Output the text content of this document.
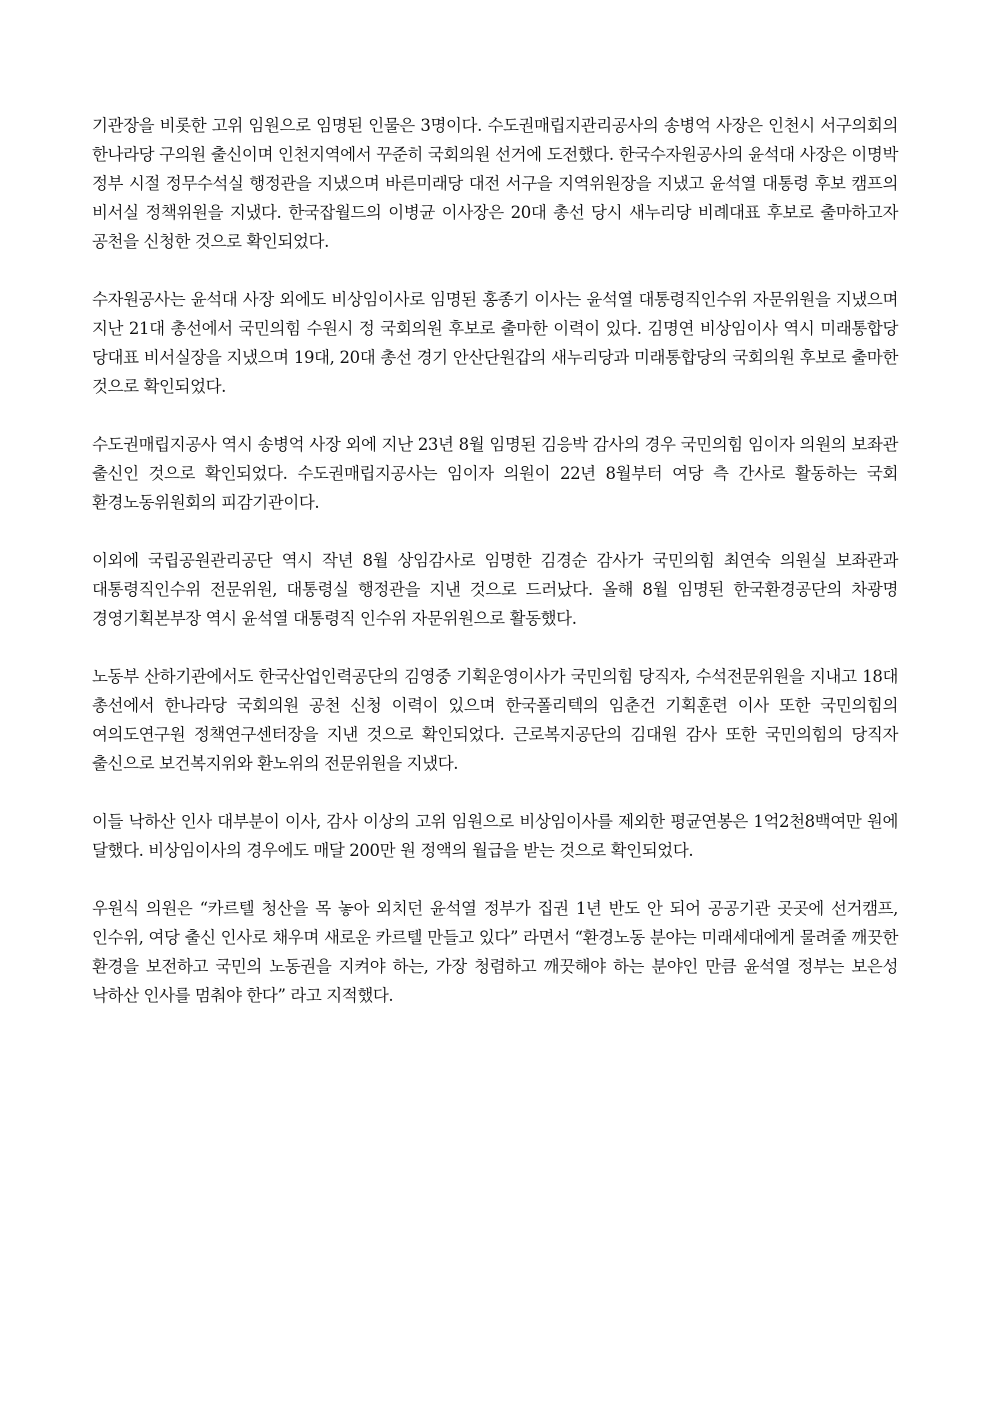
기관장을 비롯한 고위 임원으로 임명된 인물은 3명이다. 수도권매립지관리공사의 송병억 사장은 인천시 서구의회의 한나라당 구의원 출신이며 인천지역에서 꾸준히 국회의원 선거에 도전했다. 한국수자원공사의 윤석대 사장은 이명박 정부 시절 정무수석실 행정관을 지냈으며 바른미래당 대전 서구을 지역위원장을 지냈고 윤석열 대통령 후보 캠프의 비서실 정책위원을 지냈다. 한국잡월드의 이병균 이사장은 20대 총선 당시 새누리당 비례대표 후보로 출마하고자 공천을 신청한 것으로 확인되었다.

수자원공사는 윤석대 사장 외에도 비상임이사로 임명된 홍종기 이사는 윤석열 대통령직인수위 자문위원을 지냈으며 지난 21대 총선에서 국민의힘 수원시 정 국회의원 후보로 출마한 이력이 있다. 김명연 비상임이사 역시 미래통합당 당대표 비서실장을 지냈으며 19대, 20대 총선 경기 안산단원갑의 새누리당과 미래통합당의 국회의원 후보로 출마한 것으로 확인되었다.

수도권매립지공사 역시 송병억 사장 외에 지난 23년 8월 임명된 김응박 감사의 경우 국민의힘 임이자 의원의 보좌관 출신인 것으로 확인되었다. 수도권매립지공사는 임이자 의원이 22년 8월부터 여당 측 간사로 활동하는 국회 환경노동위원회의 피감기관이다.

이외에 국립공원관리공단 역시 작년 8월 상임감사로 임명한 김경순 감사가 국민의힘 최연숙 의원실 보좌관과 대통령직인수위 전문위원, 대통령실 행정관을 지낸 것으로 드러났다. 올해 8월 임명된 한국환경공단의 차광명 경영기획본부장 역시 윤석열 대통령직 인수위 자문위원으로 활동했다.

노동부 산하기관에서도 한국산업인력공단의 김영중 기획운영이사가 국민의힘 당직자, 수석전문위원을 지내고 18대 총선에서 한나라당 국회의원 공천 신청 이력이 있으며 한국폴리텍의 임춘건 기획훈련 이사 또한 국민의힘의 여의도연구원 정책연구센터장을 지낸 것으로 확인되었다. 근로복지공단의 김대원 감사 또한 국민의힘의 당직자 출신으로 보건복지위와 환노위의 전문위원을 지냈다.

이들 낙하산 인사 대부분이 이사, 감사 이상의 고위 임원으로 비상임이사를 제외한 평균연봉은 1억2천8백여만 원에 달했다. 비상임이사의 경우에도 매달 200만 원 정액의 월급을 받는 것으로 확인되었다.

우원식 의원은 “카르텔 청산을 목 놓아 외치던 윤석열 정부가 집권 1년 반도 안 되어 공공기관 곳곳에 선거캠프, 인수위, 여당 출신 인사로 채우며 새로운 카르텔 만들고 있다” 라면서 “환경노동 분야는 미래세대에게 물려줄 깨끗한 환경을 보전하고 국민의 노동권을 지켜야 하는, 가장 청렴하고 깨끗해야 하는 분야인 만큼 윤석열 정부는 보은성 낙하산 인사를 멈춰야 한다” 라고 지적했다.
